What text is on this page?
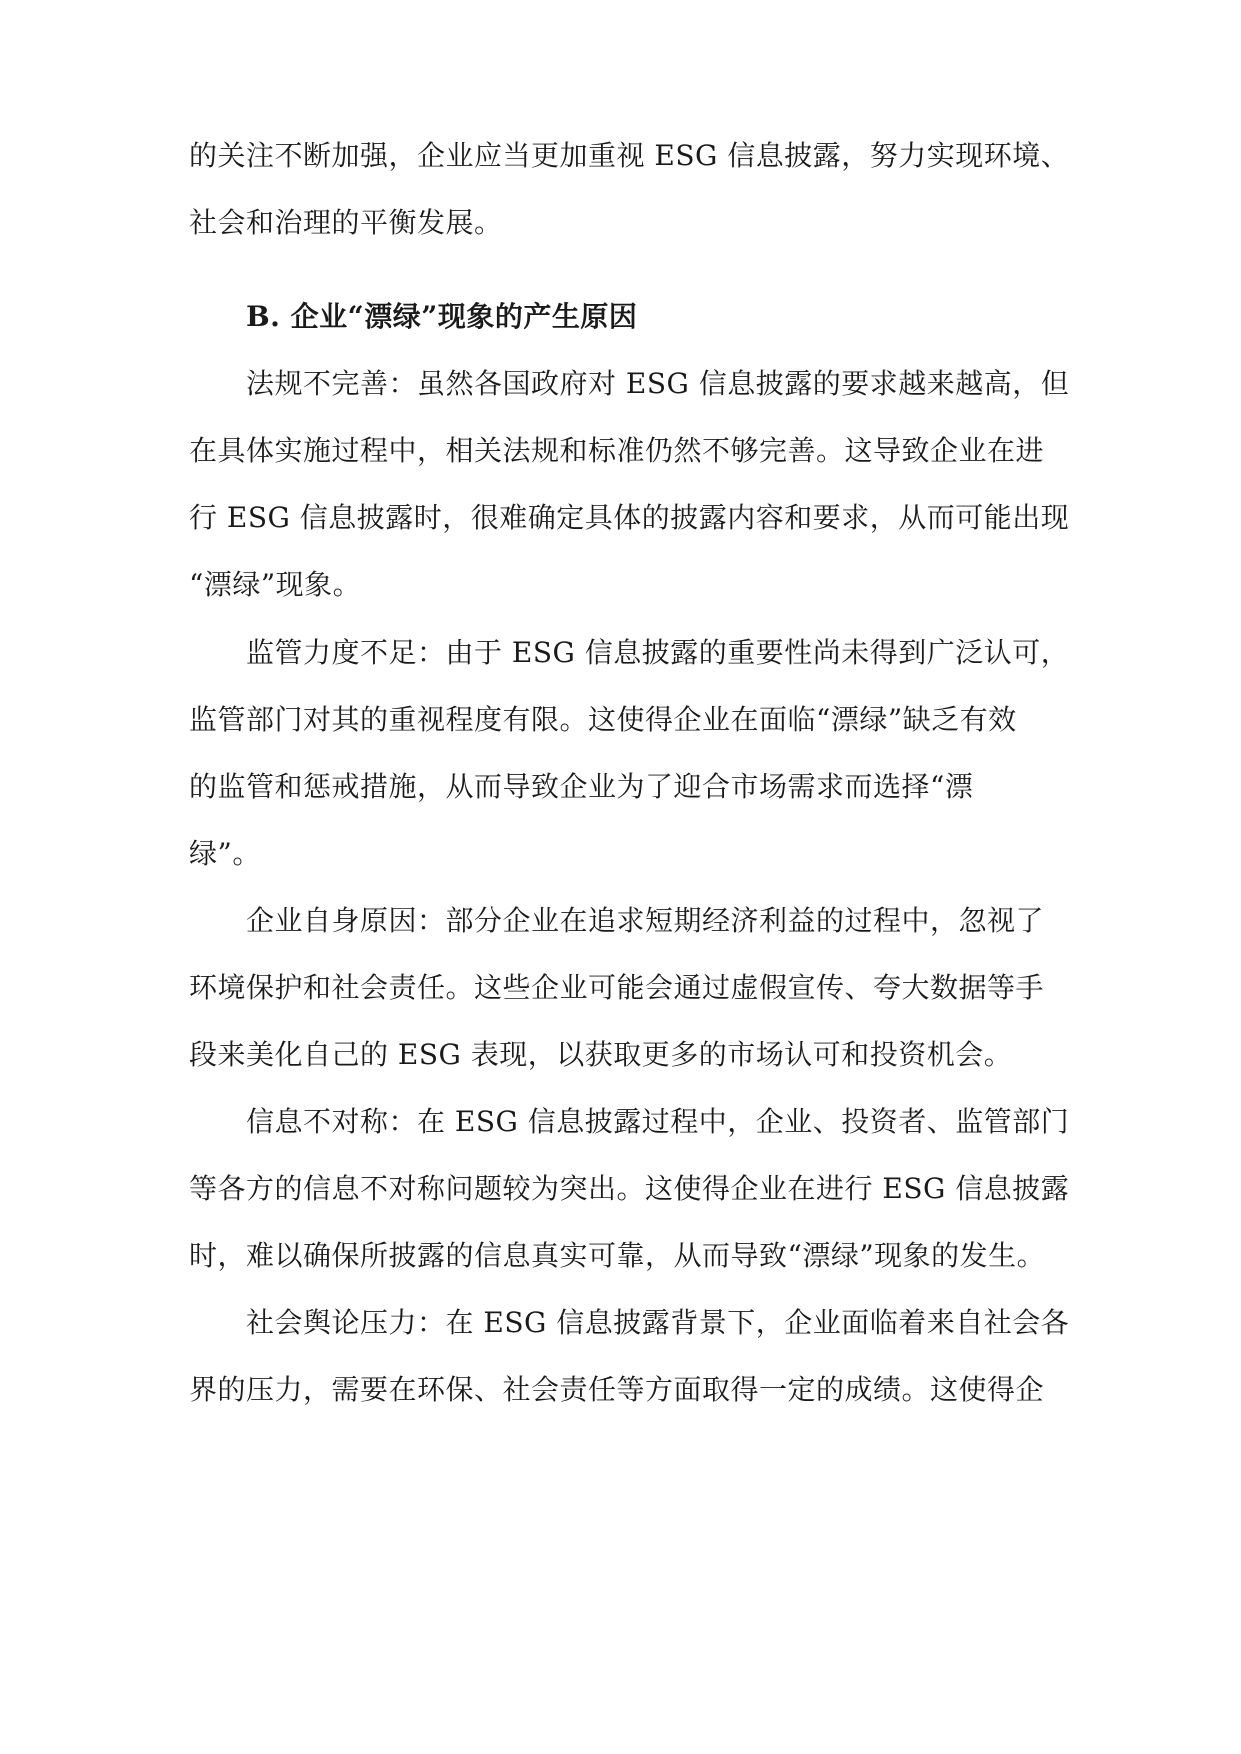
的关注不断加强，企业应当更加重视 ESG 信息披露，努力实现环境、
社会和治理的平衡发展。
B. 企业“漂绿”现象的产生原因
法规不完善：虽然各国政府对 ESG 信息披露的要求越来越高，但
在具体实施过程中，相关法规和标准仍然不够完善。这导致企业在进
行 ESG 信息披露时，很难确定具体的披露内容和要求，从而可能出现
“漂绿”现象。
监管力度不足：由于 ESG 信息披露的重要性尚未得到广泛认可，
监管部门对其的重视程度有限。这使得企业在面临“漂绿”缺乏有效
的监管和惩戒措施，从而导致企业为了迎合市场需求而选择“漂
绿”。
企业自身原因：部分企业在追求短期经济利益的过程中，忽视了
环境保护和社会责任。这些企业可能会通过虚假宣传、夸大数据等手
段来美化自己的 ESG 表现，以获取更多的市场认可和投资机会。
信息不对称：在 ESG 信息披露过程中，企业、投资者、监管部门
等各方的信息不对称问题较为突出。这使得企业在进行 ESG 信息披露
时，难以确保所披露的信息真实可靠，从而导致“漂绿”现象的发生。
社会舆论压力：在 ESG 信息披露背景下，企业面临着来自社会各
界的压力，需要在环保、社会责任等方面取得一定的成绩。这使得企
